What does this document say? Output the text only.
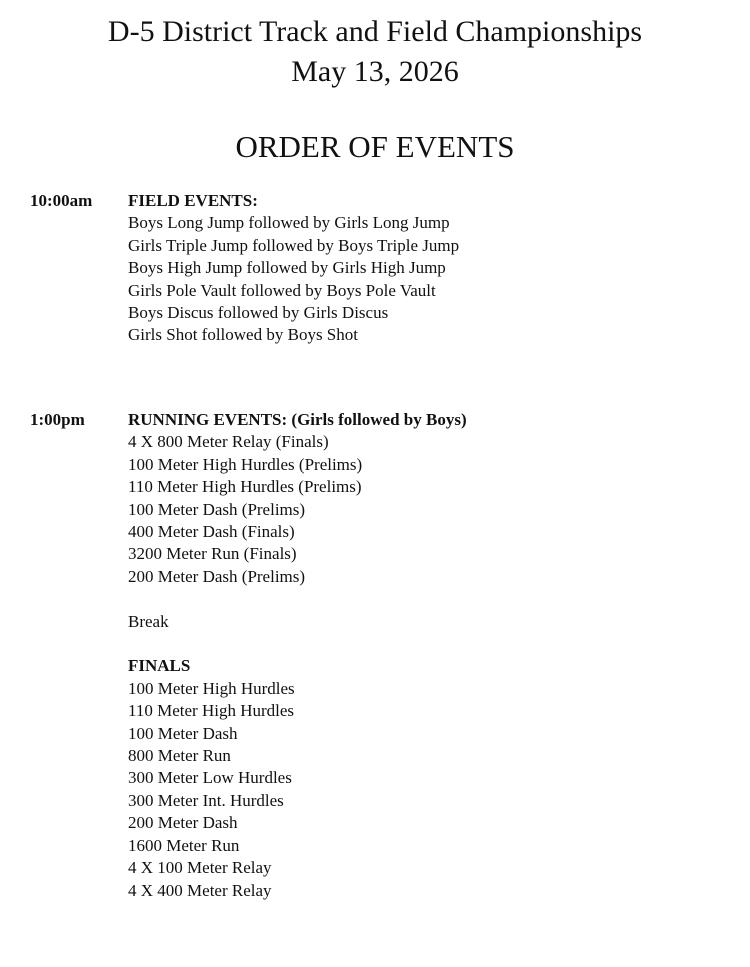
D-5 District Track and Field Championships
May 13, 2026
ORDER OF EVENTS
10:00am FIELD EVENTS:
Boys Long Jump followed by Girls Long Jump
Girls Triple Jump followed by Boys Triple Jump
Boys High Jump followed by Girls High Jump
Girls Pole Vault followed by Boys Pole Vault
Boys Discus followed by Girls Discus
Girls Shot followed by Boys Shot
1:00pm	RUNNING EVENTS: (Girls followed by Boys)
4 X 800 Meter Relay (Finals)
100 Meter High Hurdles (Prelims)
110 Meter High Hurdles (Prelims)
100 Meter Dash (Prelims)
400 Meter Dash (Finals)
3200 Meter Run (Finals)
200 Meter Dash (Prelims)
Break
FINALS
100 Meter High Hurdles
110 Meter High Hurdles
100 Meter Dash
800 Meter Run
300 Meter Low Hurdles
300 Meter Int. Hurdles
200 Meter Dash
1600 Meter Run
4 X 100 Meter Relay
4 X 400 Meter Relay
